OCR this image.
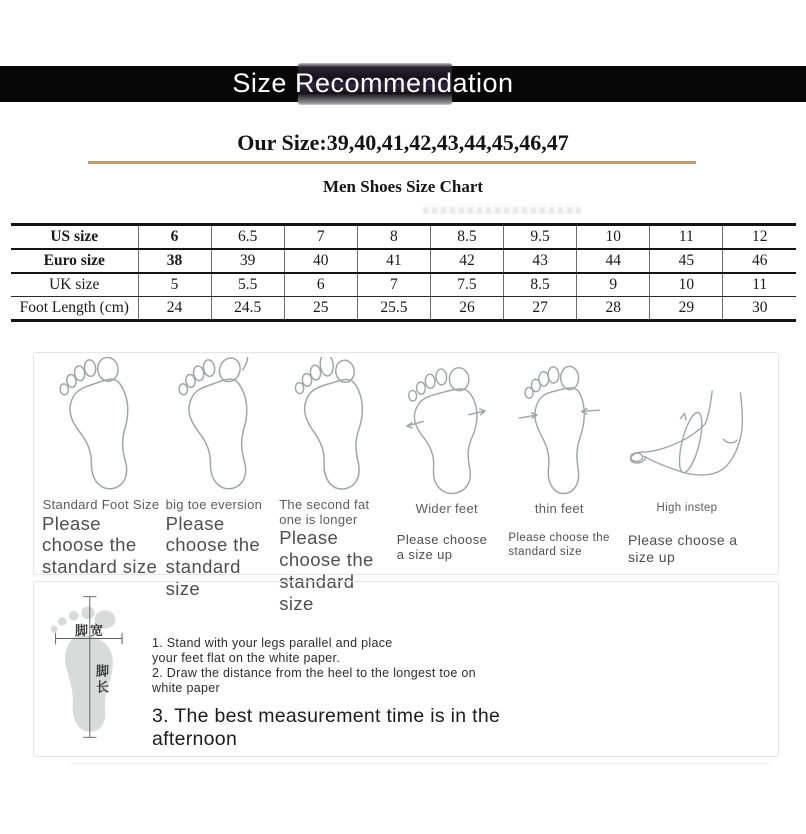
Size Recommendation
Our Size:39,40,41,42,43,44,45,46,47
Men Shoes Size Chart
US size	6	6.5	7	8	8.5	9.5	10	11	12
Euro size	38	39	40	41	42	43	44	45	46
UK size	5	5.5	6	7	7.5	8.5	9	10	11
Foot Length (cm)	24	24.5	25	25.5	26	27	28	29	30
Standard Foot Size
Please choose the standard size
big toe eversion
Please choose the standard size
The second fat one is longer
Please choose the standard size
Wider feet
Please choose a size up
thin feet
Please choose the standard size
High instep
Please choose a size up
脚宽
脚长
1. Stand with your legs parallel and place
your feet flat on the white paper.
2. Draw the distance from the heel to the longest toe on
white paper
3. The best measurement time is in the
afternoon
